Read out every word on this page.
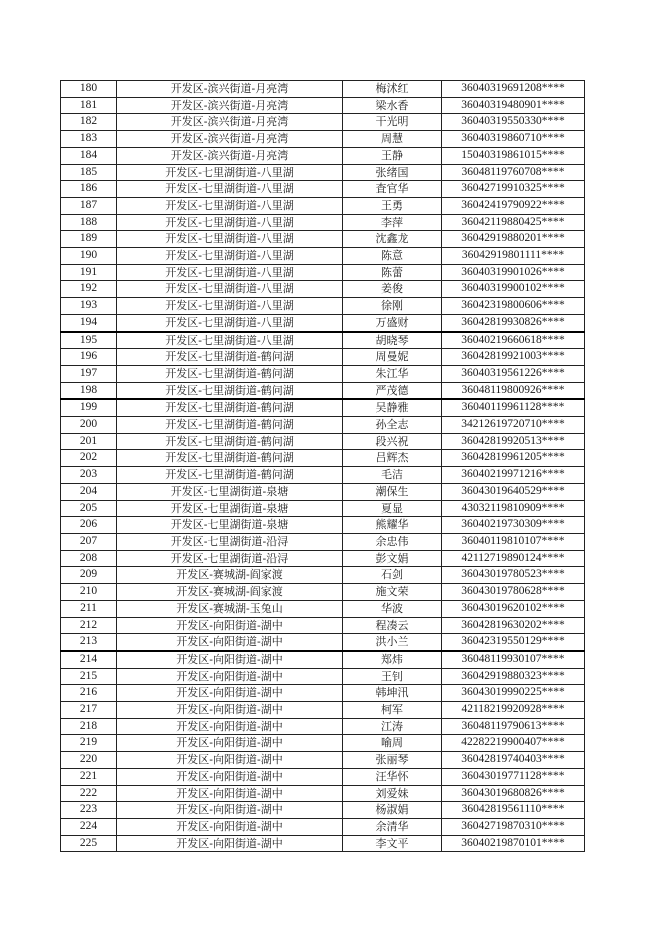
180	开发区-滨兴街道-月亮湾	梅沭红	36040319691208****
181	开发区-滨兴街道-月亮湾	梁水香	36040319480901****
182	开发区-滨兴街道-月亮湾	干光明	36040319550330****
183	开发区-滨兴街道-月亮湾	周慧	36040319860710****
184	开发区-滨兴街道-月亮湾	王静	15040319861015****
185	开发区-七里湖街道-八里湖	张绪国	36048119760708****
186	开发区-七里湖街道-八里湖	査官华	36042719910325****
187	开发区-七里湖街道-八里湖	王勇	36042419790922****
188	开发区-七里湖街道-八里湖	李萍	36042119880425****
189	开发区-七里湖街道-八里湖	沈鑫龙	36042919880201****
190	开发区-七里湖街道-八里湖	陈意	36042919801111****
191	开发区-七里湖街道-八里湖	陈蕾	36040319901026****
192	开发区-七里湖街道-八里湖	姜俊	36040319900102****
193	开发区-七里湖街道-八里湖	徐刚	36042319800606****
194	开发区-七里湖街道-八里湖	万盛财	36042819930826****
195	开发区-七里湖街道-八里湖	胡晓琴	36040219660618****
196	开发区-七里湖街道-鹤问湖	周曼妮	36042819921003****
197	开发区-七里湖街道-鹤问湖	朱江华	36040319561226****
198	开发区-七里湖街道-鹤问湖	严茂德	36048119800926****
199	开发区-七里湖街道-鹤问湖	吴静雅	36040119961128****
200	开发区-七里湖街道-鹤问湖	孙全志	34212619720710****
201	开发区-七里湖街道-鹤问湖	段兴祝	36042819920513****
202	开发区-七里湖街道-鹤问湖	吕辉杰	36042819961205****
203	开发区-七里湖街道-鹤问湖	毛洁	36040219971216****
204	开发区-七里湖街道-泉塘	潮保生	36043019640529****
205	开发区-七里湖街道-泉塘	夏显	43032119810909****
206	开发区-七里湖街道-泉塘	熊耀华	36040219730309****
207	开发区-七里湖街道-沿浔	余忠伟	36040119810107****
208	开发区-七里湖街道-沿浔	彭文娟	42112719890124****
209	开发区-赛城湖-阎家渡	石剑	36043019780523****
210	开发区-赛城湖-阎家渡	施文荣	36043019780628****
211	开发区-赛城湖-玉兔山	华波	36043019620102****
212	开发区-向阳街道-湖中	程凑云	36042819630202****
213	开发区-向阳街道-湖中	洪小兰	36042319550129****
214	开发区-向阳街道-湖中	郑炜	36048119930107****
215	开发区-向阳街道-湖中	王钊	36042919880323****
216	开发区-向阳街道-湖中	韩坤汛	36043019990225****
217	开发区-向阳街道-湖中	柯军	42118219920928****
218	开发区-向阳街道-湖中	江涛	36048119790613****
219	开发区-向阳街道-湖中	喻周	42282219900407****
220	开发区-向阳街道-湖中	张丽琴	36042819740403****
221	开发区-向阳街道-湖中	汪华怀	36043019771128****
222	开发区-向阳街道-湖中	刘爱妹	36043019680826****
223	开发区-向阳街道-湖中	杨淑娟	36042819561110****
224	开发区-向阳街道-湖中	余清华	36042719870310****
225	开发区-向阳街道-湖中	李文平	36040219870101****
